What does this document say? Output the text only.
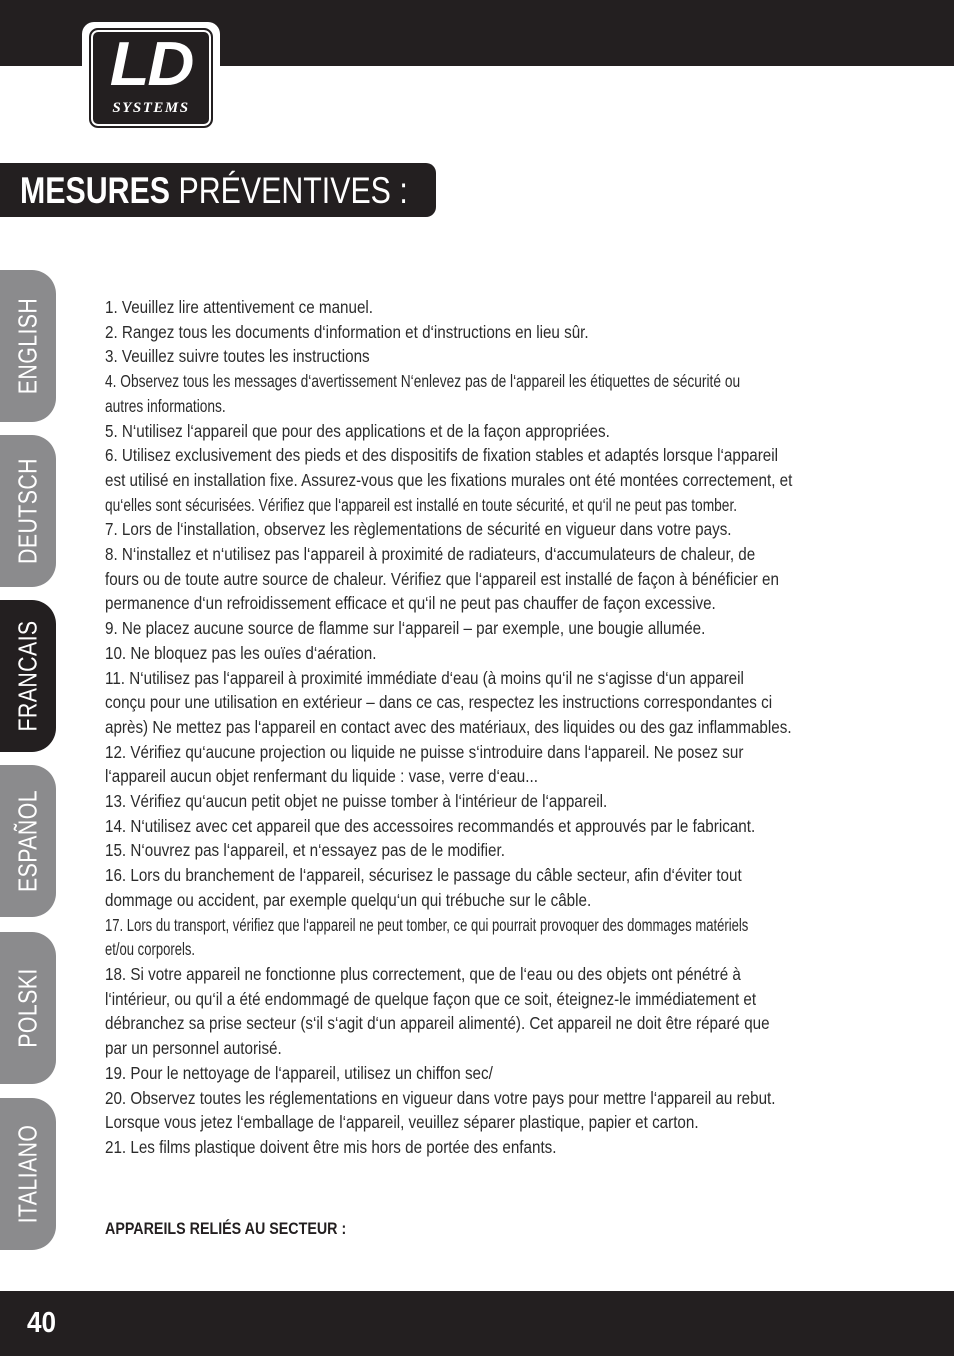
LD
SYSTEMS
MESURES PRÉVENTIVES :
ENGLISH
DEUTSCH
FRANCAIS
ESPAÑOL
POLSKI
ITALIANO

1. Veuillez lire attentivement ce manuel.

2. Rangez tous les documents d‘information et d‘instructions en lieu sûr.

3. Veuillez suivre toutes les instructions

4. Observez tous les messages d‘avertissement N‘enlevez pas de l‘appareil les étiquettes de sécurité ou

autres informations.

5. N‘utilisez l‘appareil que pour des applications et de la façon appropriées.

6. Utilisez exclusivement des pieds et des dispositifs de fixation stables et adaptés lorsque l‘appareil

est utilisé en installation fixe. Assurez-vous que les fixations murales ont été montées correctement, et

qu‘elles sont sécurisées. Vérifiez que l‘appareil est installé en toute sécurité, et qu‘il ne peut pas tomber.

7. Lors de l‘installation, observez les règlementations de sécurité en vigueur dans votre pays.

8. N‘installez et n‘utilisez pas l‘appareil à proximité de radiateurs, d‘accumulateurs de chaleur, de

fours ou de toute autre source de chaleur. Vérifiez que l‘appareil est installé de façon à bénéficier en

permanence d‘un refroidissement efficace et qu‘il ne peut pas chauffer de façon excessive.

9. Ne placez aucune source de flamme sur l‘appareil – par exemple, une bougie allumée.

10. Ne bloquez pas les ouïes d‘aération.

11. N‘utilisez pas l‘appareil à proximité immédiate d‘eau (à moins qu‘il ne s‘agisse d‘un appareil

conçu pour une utilisation en extérieur – dans ce cas, respectez les instructions correspondantes ci

après) Ne mettez pas l‘appareil en contact avec des matériaux, des liquides ou des gaz inflammables.

12. Vérifiez qu‘aucune projection ou liquide ne puisse s‘introduire dans l‘appareil. Ne posez sur

l‘appareil aucun objet renfermant du liquide : vase, verre d‘eau...

13. Vérifiez qu‘aucun petit objet ne puisse tomber à l‘intérieur de l‘appareil.

14. N‘utilisez avec cet appareil que des accessoires recommandés et approuvés par le fabricant.

15. N‘ouvrez pas l‘appareil, et n‘essayez pas de le modifier.

16. Lors du branchement de l‘appareil, sécurisez le passage du câble secteur, afin d‘éviter tout

dommage ou accident, par exemple quelqu‘un qui trébuche sur le câble.

17. Lors du transport, vérifiez que l‘appareil ne peut tomber, ce qui pourrait provoquer des dommages matériels

et/ou corporels.

18. Si votre appareil ne fonctionne plus correctement, que de l‘eau ou des objets ont pénétré à

l‘intérieur, ou qu‘il a été endommagé de quelque façon que ce soit, éteignez-le immédiatement et

débranchez sa prise secteur (s‘il s‘agit d‘un appareil alimenté). Cet appareil ne doit être réparé que

par un personnel autorisé.

19. Pour le nettoyage de l‘appareil, utilisez un chiffon sec/

20. Observez toutes les réglementations en vigueur dans votre pays pour mettre l‘appareil au rebut.

Lorsque vous jetez l‘emballage de l‘appareil, veuillez séparer plastique, papier et carton.

21. Les films plastique doivent être mis hors de portée des enfants.

APPAREILS RELIÉS AU SECTEUR :
40
